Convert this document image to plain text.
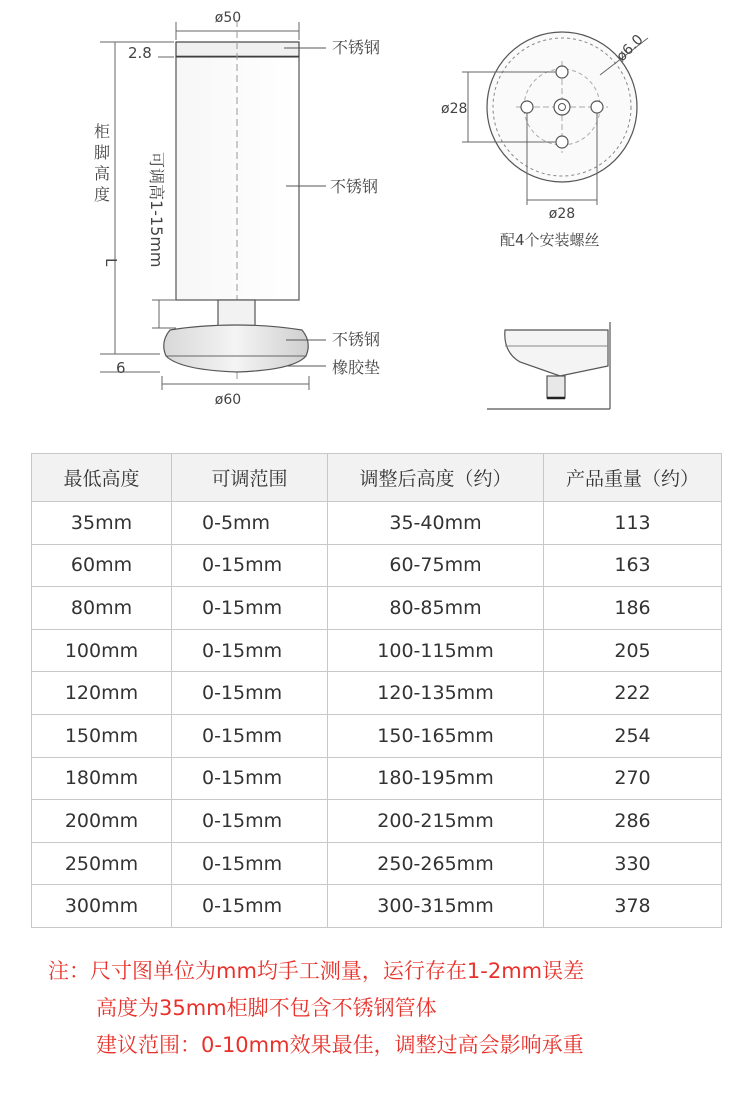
ø50
2.8
柜脚高度
L
6
可调高1-15mm
ø60
不锈钢
不锈钢
不锈钢
橡胶垫
ø6.0
ø28
ø28
配4个安装螺丝
最低高度	可调范围	调整后高度（约）	产品重量（约）
35mm	0-5mm	35-40mm	113
60mm	0-15mm	60-75mm	163
80mm	0-15mm	80-85mm	186
100mm	0-15mm	100-115mm	205
120mm	0-15mm	120-135mm	222
150mm	0-15mm	150-165mm	254
180mm	0-15mm	180-195mm	270
200mm	0-15mm	200-215mm	286
250mm	0-15mm	250-265mm	330
300mm	0-15mm	300-315mm	378
注：尺寸图单位为mm均手工测量，运行存在1-2mm误差
高度为35mm柜脚不包含不锈钢管体
建议范围：0-10mm效果最佳，调整过高会影响承重
